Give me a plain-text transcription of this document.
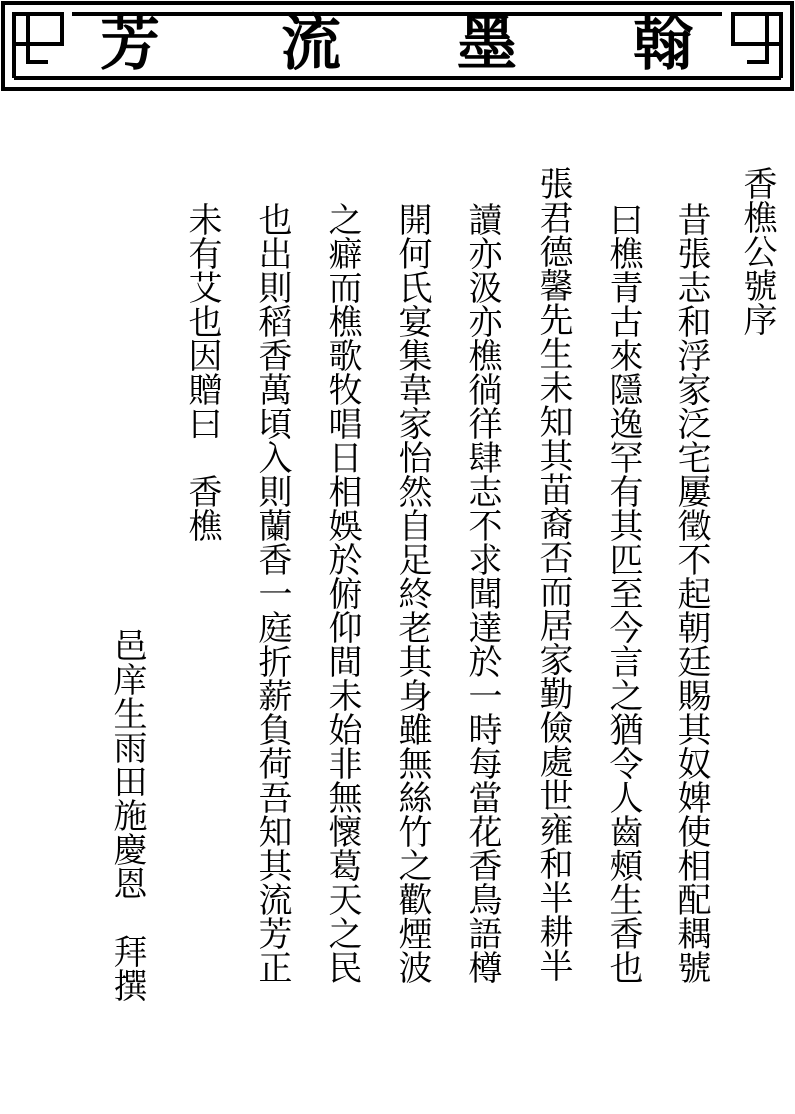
芳 流 墨 翰
香樵公號序
昔張志和浮家泛宅屢徵不起朝廷賜其奴婢使相配耦號
曰樵青古來隱逸罕有其匹至今言之猶令人齒頰生香也
張君德馨先生未知其苗裔否而居家勤儉處世雍和半耕半
讀亦汲亦樵徜徉肆志不求聞達於一時每當花香鳥語樽
開何氏宴集韋家怡然自足終老其身雖無絲竹之歡煙波
之癖而樵歌牧唱日相娛於俯仰間未始非無懷葛天之民
也出則稻香萬頃入則蘭香一庭折薪負荷吾知其流芳正
未有艾也因贈曰　香樵
邑庠生雨田施慶恩　拜撰
